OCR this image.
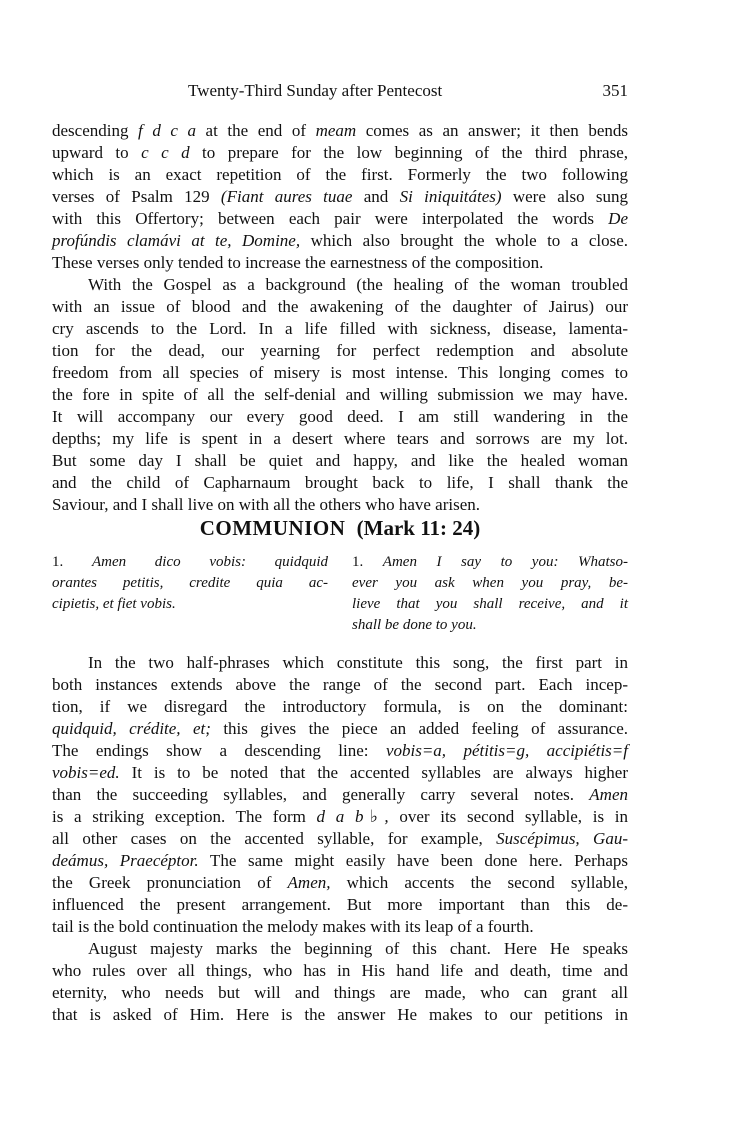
Twenty-Third Sunday after Pentecost	351
descending f d c a at the end of meam comes as an answer; it then bends
upward to c c d to prepare for the low beginning of the third phrase,
which is an exact repetition of the first. Formerly the two following
verses of Psalm 129 (Fiant aures tuae and Si iniquitátes) were also sung
with this Offertory; between each pair were interpolated the words De
profúndis clamávi at te, Domine, which also brought the whole to a close.
These verses only tended to increase the earnestness of the composition.
With the Gospel as a background (the healing of the woman troubled
with an issue of blood and the awakening of the daughter of Jairus) our
cry ascends to the Lord. In a life filled with sickness, disease, lamenta-
tion for the dead, our yearning for perfect redemption and absolute
freedom from all species of misery is most intense. This longing comes to
the fore in spite of all the self-denial and willing submission we may have.
It will accompany our every good deed. I am still wandering in the
depths; my life is spent in a desert where tears and sorrows are my lot.
But some day I shall be quiet and happy, and like the healed woman
and the child of Capharnaum brought back to life, I shall thank the
Saviour, and I shall live on with all the others who have arisen.
COMMUNION (Mark 11: 24)
1. Amen dico vobis: quidquid
orantes petitis, credite quia ac-
cipietis, et fiet vobis.
1. Amen I say to you: Whatso-
ever you ask when you pray, be-
lieve that you shall receive, and it
shall be done to you.
In the two half-phrases which constitute this song, the first part in
both instances extends above the range of the second part. Each incep-
tion, if we disregard the introductory formula, is on the dominant:
quidquid, crédite, et; this gives the piece an added feeling of assurance.
The endings show a descending line: vobis=a, pétitis=g, accipiétis=f
vobis=ed. It is to be noted that the accented syllables are always higher
than the succeeding syllables, and generally carry several notes. Amen
is a striking exception. The form d a b♭, over its second syllable, is in
all other cases on the accented syllable, for example, Suscépimus, Gau-
deámus, Praecéptor. The same might easily have been done here. Perhaps
the Greek pronunciation of Amen, which accents the second syllable,
influenced the present arrangement. But more important than this de-
tail is the bold continuation the melody makes with its leap of a fourth.
August majesty marks the beginning of this chant. Here He speaks
who rules over all things, who has in His hand life and death, time and
eternity, who needs but will and things are made, who can grant all
that is asked of Him. Here is the answer He makes to our petitions in
